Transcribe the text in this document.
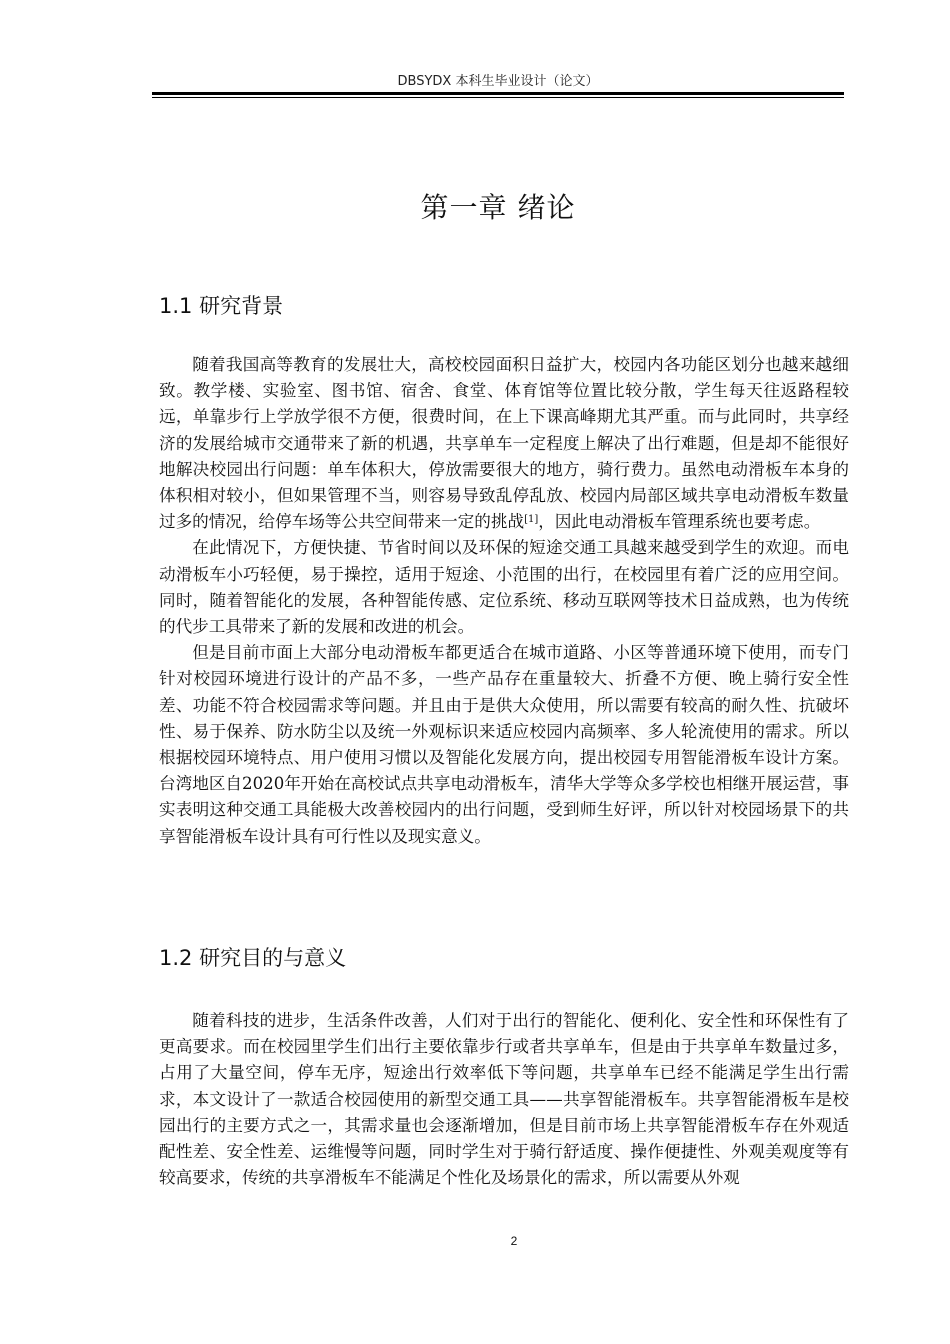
DBSYDX 本科生毕业设计（论文）
第一章 绪论
1.1 研究背景

随着我国高等教育的发展壮大，高校校园面积日益扩大，校园内各功能区划分也越来越细致。教学楼、实验室、图书馆、宿舍、食堂、体育馆等位置比较分散，学生每天往返路程较远，单靠步行上学放学很不方便，很费时间，在上下课高峰期尤其严重。而与此同时，共享经济的发展给城市交通带来了新的机遇，共享单车一定程度上解决了出行难题，但是却不能很好地解决校园出行问题：单车体积大，停放需要很大的地方，骑行费力。虽然电动滑板车本身的体积相对较小，但如果管理不当，则容易导致乱停乱放、校园内局部区域共享电动滑板车数量过多的情况，给停车场等公共空间带来一定的挑战[1]，因此电动滑板车管理系统也要考虑。

在此情况下，方便快捷、节省时间以及环保的短途交通工具越来越受到学生的欢迎。而电动滑板车小巧轻便，易于操控，适用于短途、小范围的出行，在校园里有着广泛的应用空间。同时，随着智能化的发展，各种智能传感、定位系统、移动互联网等技术日益成熟，也为传统的代步工具带来了新的发展和改进的机会。

但是目前市面上大部分电动滑板车都更适合在城市道路、小区等普通环境下使用，而专门针对校园环境进行设计的产品不多，一些产品存在重量较大、折叠不方便、晚上骑行安全性差、功能不符合校园需求等问题。并且由于是供大众使用，所以需要有较高的耐久性、抗破坏性、易于保养、防水防尘以及统一外观标识来适应校园内高频率、多人轮流使用的需求。所以根据校园环境特点、用户使用习惯以及智能化发展方向，提出校园专用智能滑板车设计方案。台湾地区自2020年开始在高校试点共享电动滑板车，清华大学等众多学校也相继开展运营，事实表明这种交通工具能极大改善校园内的出行问题，受到师生好评，所以针对校园场景下的共享智能滑板车设计具有可行性以及现实意义。

1.2 研究目的与意义

随着科技的进步，生活条件改善，人们对于出行的智能化、便利化、安全性和环保性有了更高要求。而在校园里学生们出行主要依靠步行或者共享单车，但是由于共享单车数量过多，占用了大量空间，停车无序，短途出行效率低下等问题，共享单车已经不能满足学生出行需求，本文设计了一款适合校园使用的新型交通工具——共享智能滑板车。共享智能滑板车是校园出行的主要方式之一，其需求量也会逐渐增加，但是目前市场上共享智能滑板车存在外观适配性差、安全性差、运维慢等问题，同时学生对于骑行舒适度、操作便捷性、外观美观度等有较高要求，传统的共享滑板车不能满足个性化及场景化的需求，所以需要从外观

2
